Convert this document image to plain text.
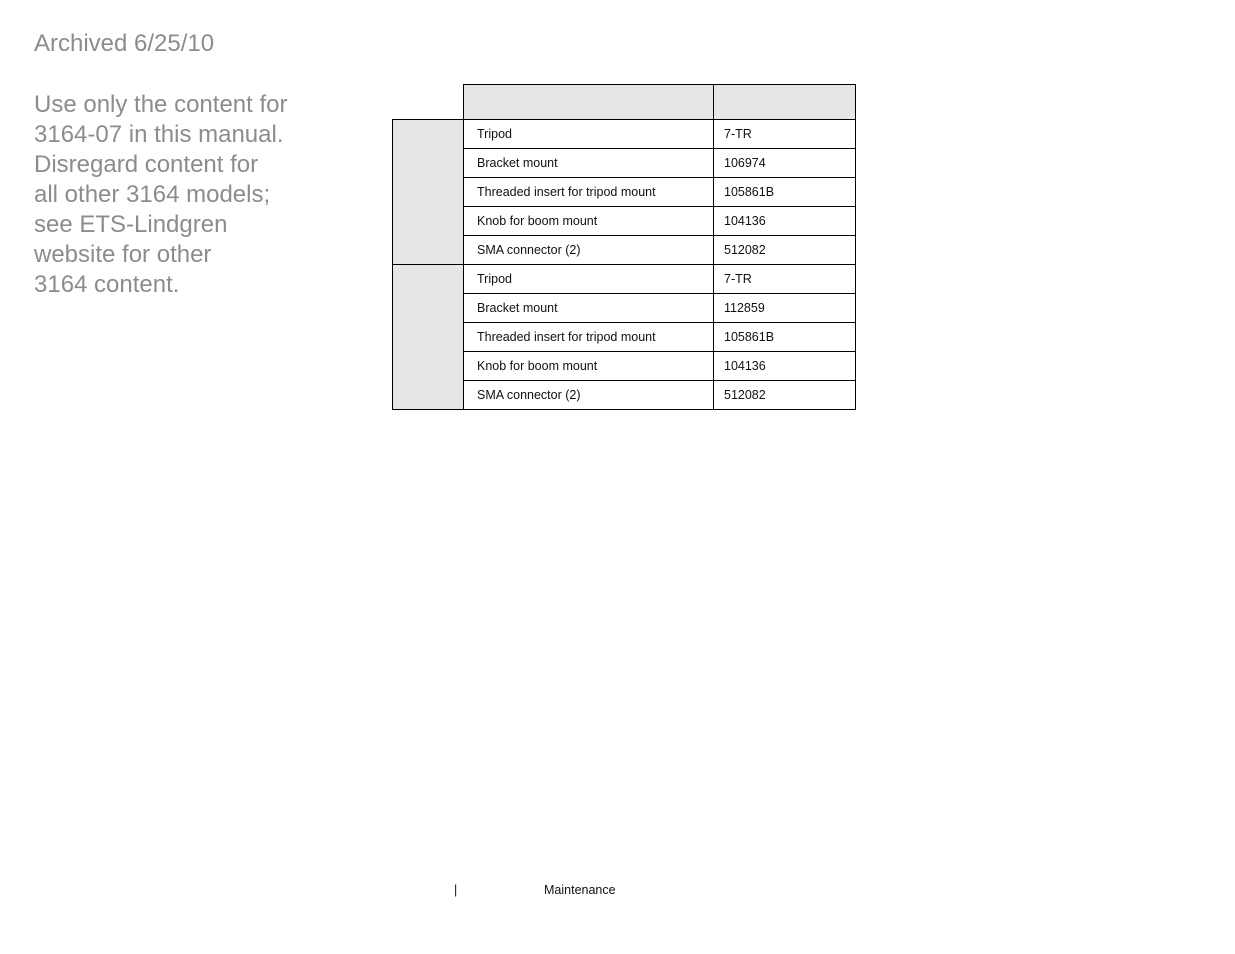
Archived 6/25/10

Use only the content for
3164-07 in this manual.
Disregard content for
all other 3164 models;
see ETS-Lindgren
website for other
3164 content.

	Tripod	7-TR
	Bracket mount	106974
	Threaded insert for tripod mount	105861B
	Knob for boom mount	104136
	SMA connector (2)	512082
	Tripod	7-TR
	Bracket mount	112859
	Threaded insert for tripod mount	105861B
	Knob for boom mount	104136
	SMA connector (2)	512082
|	Maintenance
